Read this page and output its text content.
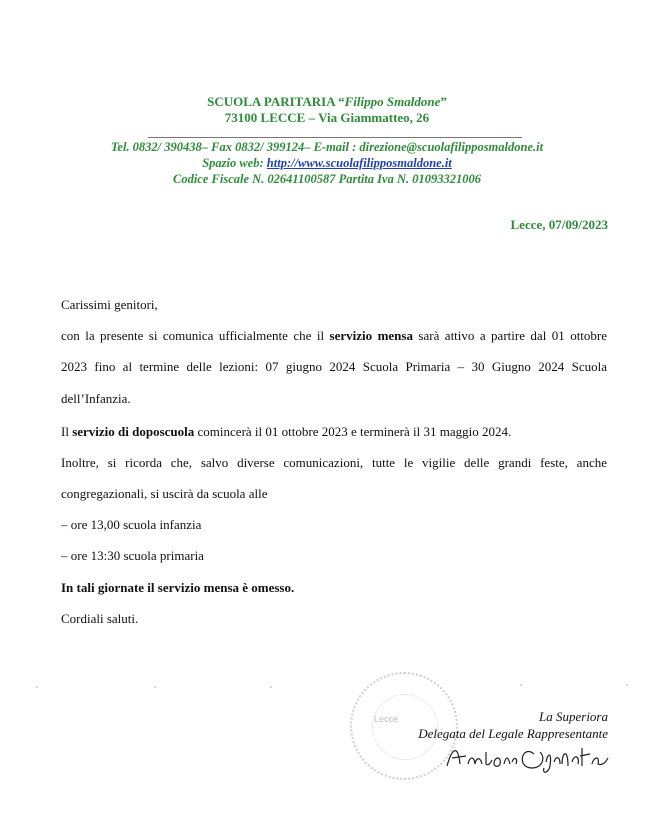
SCUOLA PARITARIA “Filippo Smaldone”
73100 LECCE – Via Giammatteo, 26
Tel. 0832/ 390438– Fax 0832/ 399124– E-mail : direzione@scuolafilipposmaldone.it
Spazio web: http://www.scuolafilipposmaldone.it
Codice Fiscale N. 02641100587 Partita Iva N. 01093321006
Lecce, 07/09/2023
Carissimi genitori,
con la presente si comunica ufficialmente che il servizio mensa sarà attivo a partire dal 01 ottobre
2023 fino al termine delle lezioni: 07 giugno 2024 Scuola Primaria – 30 Giugno 2024 Scuola
dell’Infanzia.
Il servizio di doposcuola comincerà il 01 ottobre 2023 e terminerà il 31 maggio 2024.
Inoltre, si ricorda che, salvo diverse comunicazioni, tutte le vigilie delle grandi feste, anche
congregazionali, si uscirà da scuola alle
– ore 13,00 scuola infanzia
– ore 13:30 scuola primaria
In tali giornate il servizio mensa è omesso.
Cordiali saluti.
Lecce	La Superiora
Delegata del Legale Rappresentante
